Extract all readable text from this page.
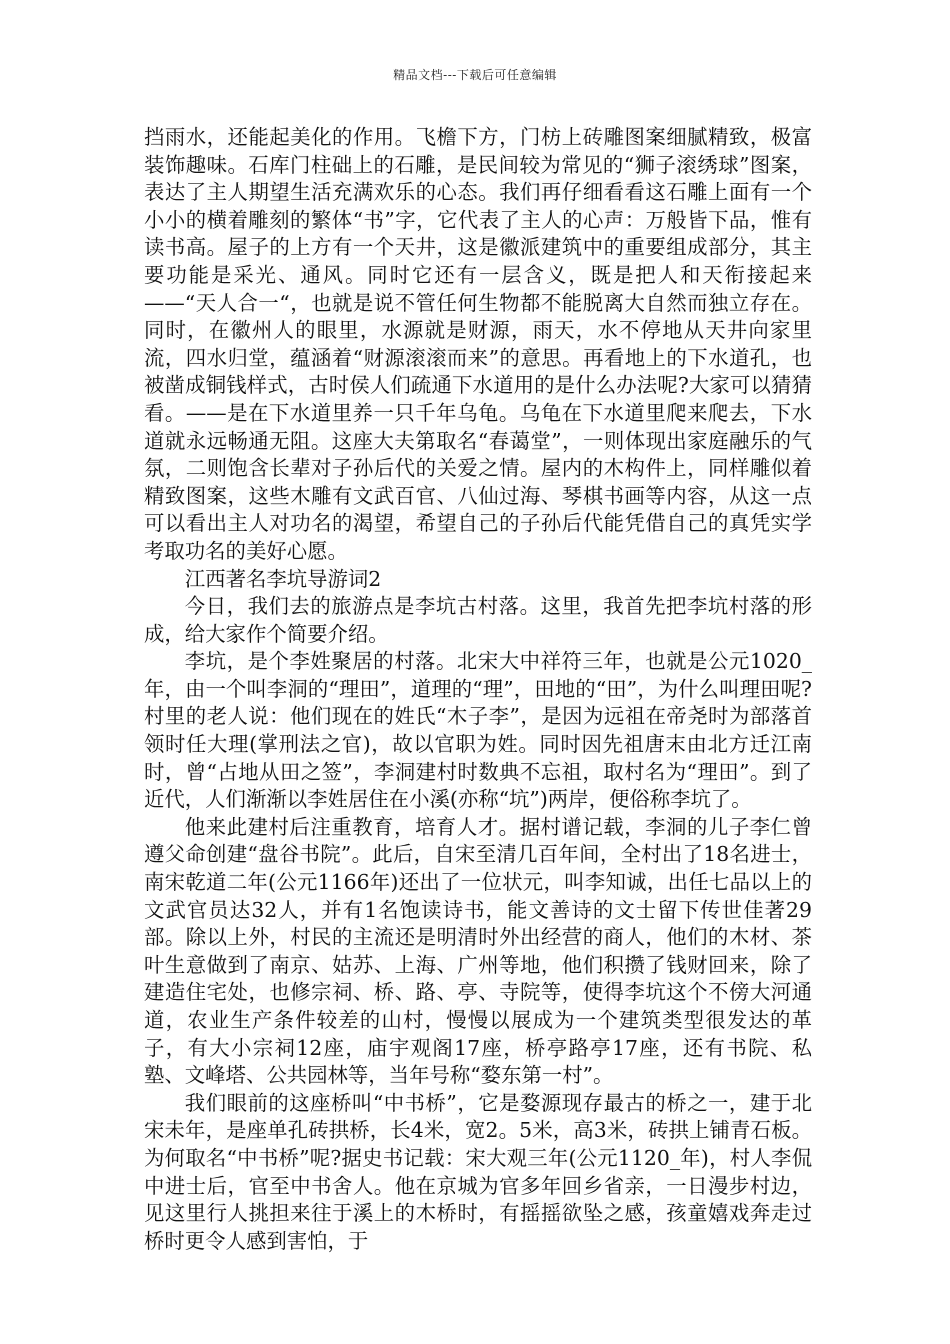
精品文档---下载后可任意编辑

挡雨水，还能起美化的作用。飞檐下方，门枋上砖雕图案细腻精致，极富装饰趣味。石库门柱础上的石雕，是民间较为常见的“狮子滚绣球”图案，表达了主人期望生活充满欢乐的心态。我们再仔细看看这石雕上面有一个小小的横着雕刻的繁体“书”字，它代表了主人的心声：万般皆下品，惟有读书高。屋子的上方有一个天井，这是徽派建筑中的重要组成部分，其主要功能是采光、通风。同时它还有一层含义，既是把人和天衔接起来——“天人合一“，也就是说不管任何生物都不能脱离大自然而独立存在。同时，在徽州人的眼里，水源就是财源，雨天，水不停地从天井向家里流，四水归堂，蕴涵着“财源滚滚而来”的意思。再看地上的下水道孔，也被凿成铜钱样式，古时侯人们疏通下水道用的是什么办法呢?大家可以猜猜看。——是在下水道里养一只千年乌龟。乌龟在下水道里爬来爬去，下水道就永远畅通无阻。这座大夫第取名“春蔼堂”，一则体现出家庭融乐的气氛，二则饱含长辈对子孙后代的关爱之情。屋内的木构件上，同样雕似着精致图案，这些木雕有文武百官、八仙过海、琴棋书画等内容，从这一点可以看出主人对功名的渴望，希望自己的子孙后代能凭借自己的真凭实学考取功名的美好心愿。

江西著名李坑导游词2

今日，我们去的旅游点是李坑古村落。这里，我首先把李坑村落的形成，给大家作个简要介绍。

李坑，是个李姓聚居的村落。北宋大中祥符三年，也就是公元1020_年，由一个叫李洞的“理田”，道理的“理”，田地的“田”，为什么叫理田呢?村里的老人说：他们现在的姓氏“木子李”，是因为远祖在帝尧时为部落首领时任大理(掌刑法之官)，故以官职为姓。同时因先祖唐末由北方迁江南时，曾“占地从田之签”，李洞建村时数典不忘祖，取村名为“理田”。到了近代，人们渐渐以李姓居住在小溪(亦称“坑”)两岸，便俗称李坑了。

他来此建村后注重教育，培育人才。据村谱记载，李洞的儿子李仁曾遵父命创建“盘谷书院”。此后，自宋至清几百年间，全村出了18名进士，南宋乾道二年(公元1166年)还出了一位状元，叫李知诚，出任七品以上的文武官员达32人，并有1名饱读诗书，能文善诗的文士留下传世佳著29部。除以上外，村民的主流还是明清时外出经营的商人，他们的木材、茶叶生意做到了南京、姑苏、上海、广州等地，他们积攒了钱财回来，除了建造住宅处，也修宗祠、桥、路、亭、寺院等，使得李坑这个不傍大河通道，农业生产条件较差的山村，慢慢以展成为一个建筑类型很发达的革子，有大小宗祠12座，庙宇观阁17座，桥亭路亭17座，还有书院、私塾、文峰塔、公共园林等，当年号称“婺东第一村”。

我们眼前的这座桥叫“中书桥”，它是婺源现存最古的桥之一，建于北宋未年，是座单孔砖拱桥，长4米，宽2。5米，高3米，砖拱上铺青石板。为何取名“中书桥”呢?据史书记载：宋大观三年(公元1120_年)，村人李侃中进士后，官至中书舍人。他在京城为官多年回乡省亲，一日漫步村边，见这里行人挑担来往于溪上的木桥时，有摇摇欲坠之感，孩童嬉戏奔走过桥时更令人感到害怕，于
